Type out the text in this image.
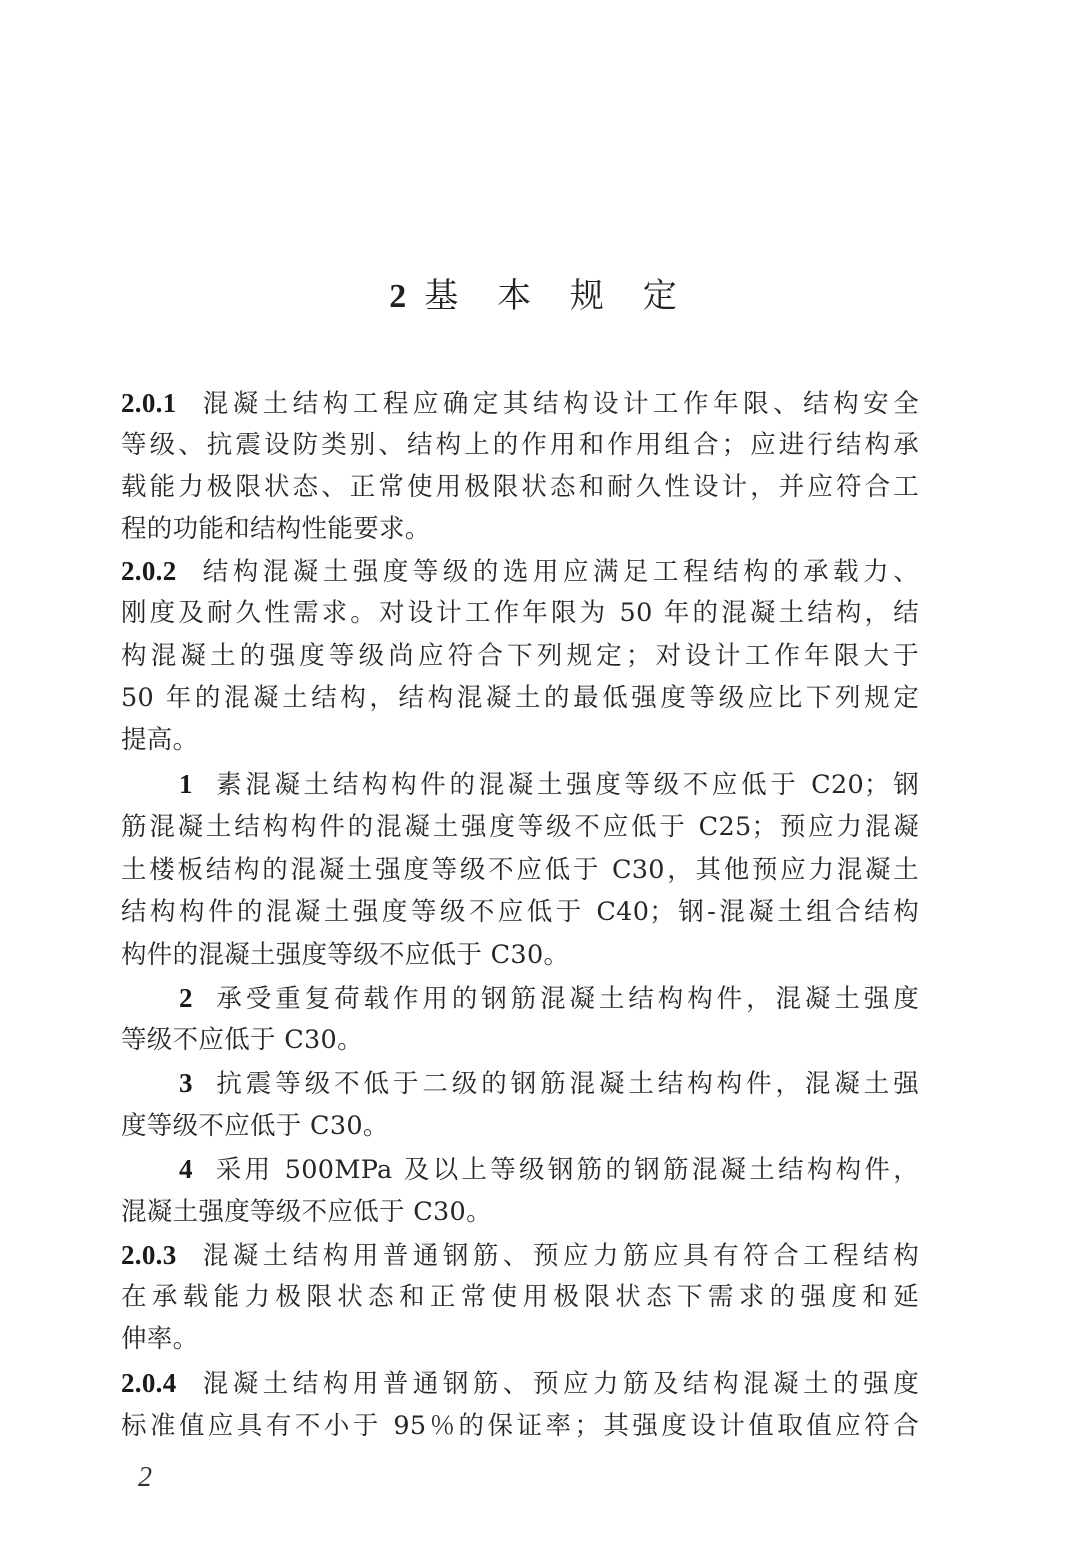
2 基 本 规 定
2.0.1 混凝土结构工程应确定其结构设计工作年限、结构安全
等级、抗震设防类别、结构上的作用和作用组合；应进行结构承
载能力极限状态、正常使用极限状态和耐久性设计，并应符合工
程的功能和结构性能要求。
2.0.2 结构混凝土强度等级的选用应满足工程结构的承载力、
刚度及耐久性需求。对设计工作年限为 50 年的混凝土结构，结
构混凝土的强度等级尚应符合下列规定；对设计工作年限大于
50 年的混凝土结构，结构混凝土的最低强度等级应比下列规定
提高。
1 素混凝土结构构件的混凝土强度等级不应低于 C20；钢
筋混凝土结构构件的混凝土强度等级不应低于 C25；预应力混凝
土楼板结构的混凝土强度等级不应低于 C30，其他预应力混凝土
结构构件的混凝土强度等级不应低于 C40；钢-混凝土组合结构
构件的混凝土强度等级不应低于 C30。
2 承受重复荷载作用的钢筋混凝土结构构件，混凝土强度
等级不应低于 C30。
3 抗震等级不低于二级的钢筋混凝土结构构件，混凝土强
度等级不应低于 C30。
4 采用 500MPa 及以上等级钢筋的钢筋混凝土结构构件，
混凝土强度等级不应低于 C30。
2.0.3 混凝土结构用普通钢筋、预应力筋应具有符合工程结构
在承载能力极限状态和正常使用极限状态下需求的强度和延
伸率。
2.0.4 混凝土结构用普通钢筋、预应力筋及结构混凝土的强度
标准值应具有不小于 95％的保证率；其强度设计值取值应符合
2
